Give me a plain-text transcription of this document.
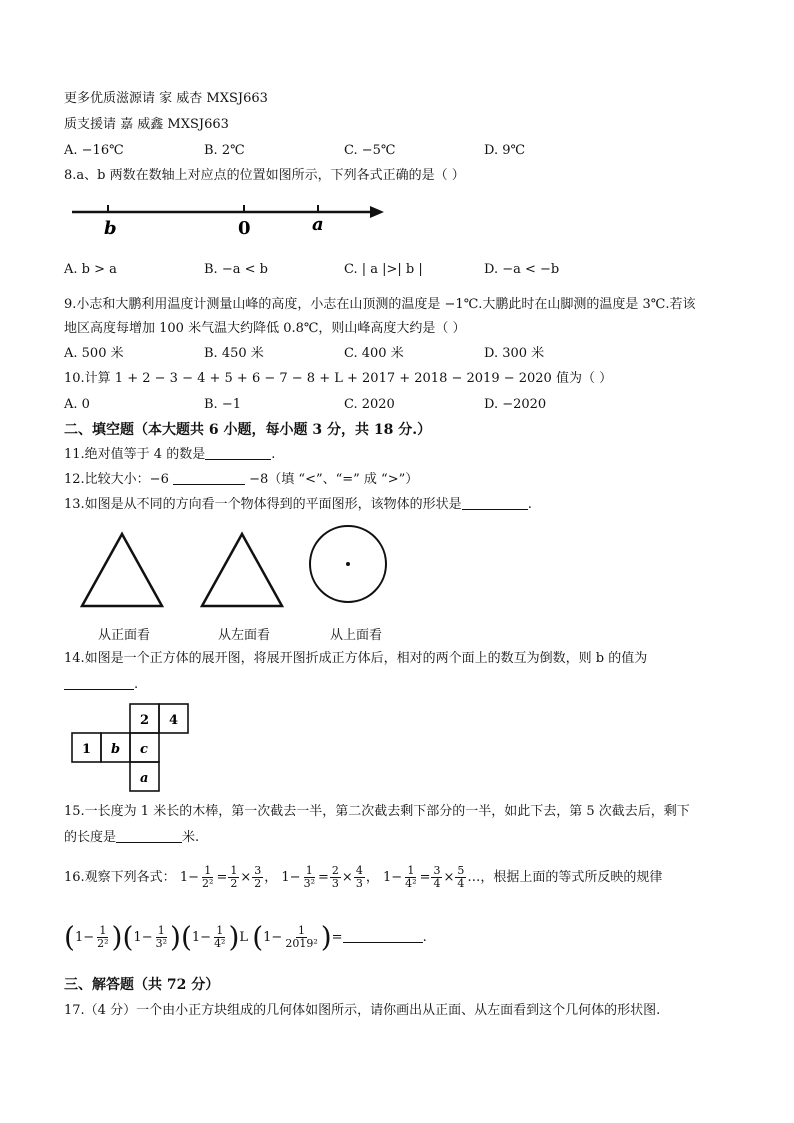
更多优质滋源请 家 威杏 MXSJ663
质支援请 嘉 威鑫 MXSJ663
A. −16℃	B. 2℃	C. −5℃	D. 9℃
8.a、b 两数在数轴上对应点的位置如图所示，下列各式正确的是（ ）
b	0	a
A. b > a	B. −a < b	C. | a |>| b |	D. −a < −b
9.小志和大鹏利用温度计测量山峰的高度，小志在山顶测的温度是 −1℃.大鹏此时在山脚测的温度是 3℃.若该
地区高度每增加 100 米气温大约降低 0.8℃，则山峰高度大约是（ ）
A. 500 米	B. 450 米	C. 400 米	D. 300 米
10.计算 1 + 2 − 3 − 4 + 5 + 6 − 7 − 8 + L + 2017 + 2018 − 2019 − 2020 值为（ ）
A. 0	B. −1	C. 2020	D. −2020
二、填空题（本大题共 6 小题，每小题 3 分，共 18 分.）
11.绝对值等于 4 的数是	.
12.比较大小：−6	−8（填 “<”、“=” 成 “>”）
13.如图是从不同的方向看一个物体得到的平面图形，该物体的形状是	.
从正面看	从左面看	从上面看
14.如图是一个正方体的展开图，将展开图折成正方体后，相对的两个面上的数互为倒数，则 b 的值为
.
2 4
1 b c
a
15.一长度为 1 米长的木棒，第一次截去一半，第二次截去剩下部分的一半，如此下去，第 5 次截去后，剩下
的长度是	米.
16.观察下列各式： $1- \frac{1}{\text{2²}} = \frac{1}{2} \times \frac{3}{2}$ ， $1- \frac{1}{\text{3²}} = \frac{2}{3} \times \frac{4}{3}$ ， $1- \frac{1}{\text{4²}} = \frac{3}{4} \times \frac{5}{4}$ …，根据上面的等式所反映的规律
$(1- \frac{1}{\text{2²}} )(1- \frac{1}{\text{3²}} )(1- \frac{1}{\text{4²}} )L$ ($1- \frac{1}{\text{2019²}}$ )=	.
三、解答题（共 72 分）
17.（4 分）一个由小正方块组成的几何体如图所示，请你画出从正面、从左面看到这个几何体的形状图.
